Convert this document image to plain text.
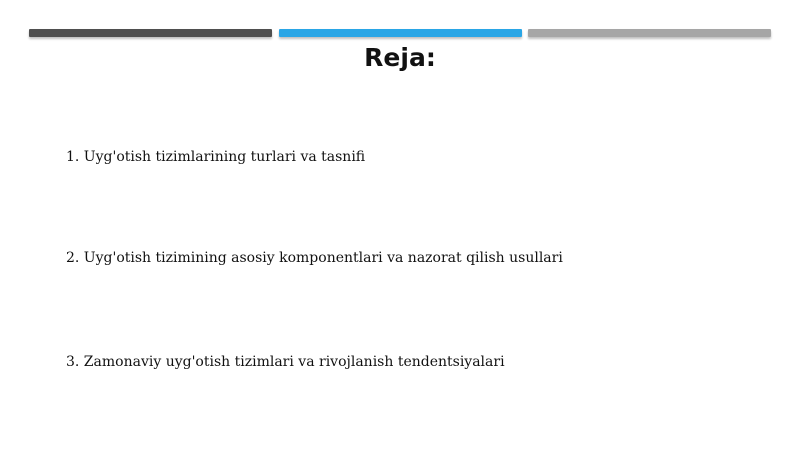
Reja:
1. Uyg'otish tizimlarining turlari va tasnifi
2. Uyg'otish tizimining asosiy komponentlari va nazorat qilish usullari
3. Zamonaviy uyg'otish tizimlari va rivojlanish tendentsiyalari
